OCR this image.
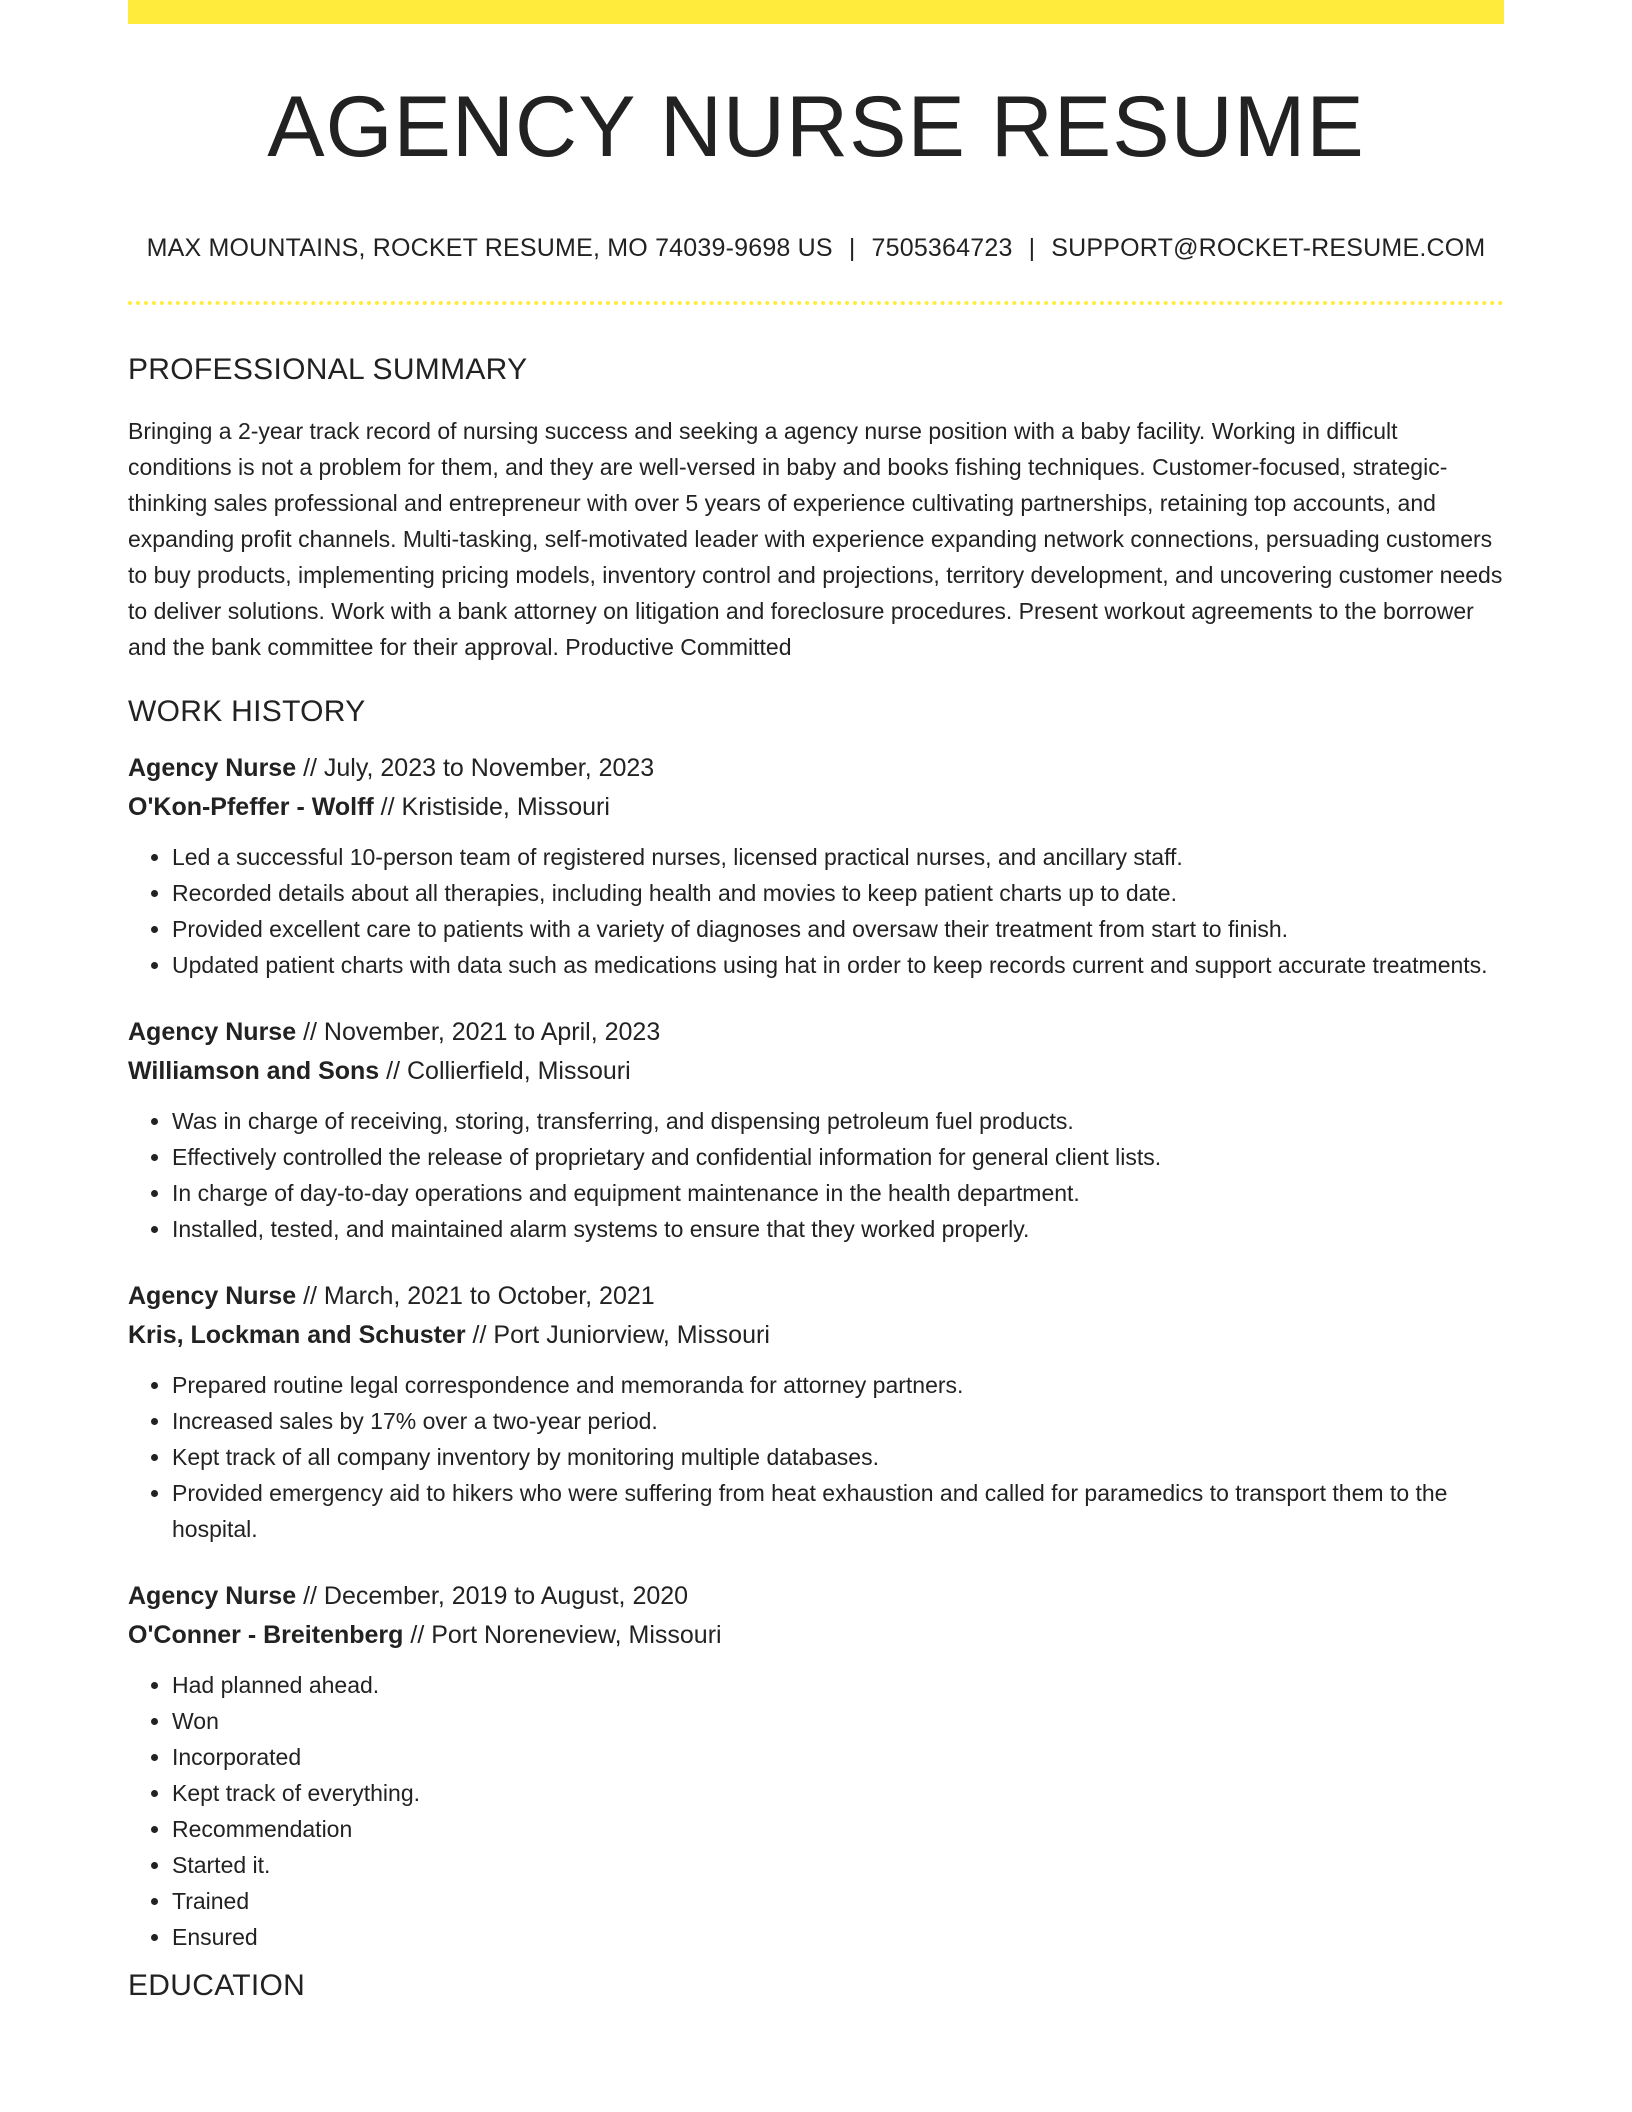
AGENCY NURSE RESUME
MAX MOUNTAINS, ROCKET RESUME, MO 74039-9698 US | 7505364723 | SUPPORT@ROCKET-RESUME.COM
PROFESSIONAL SUMMARY

Bringing a 2-year track record of nursing success and seeking a agency nurse position with a baby facility. Working in difficult conditions is not a problem for them, and they are well-versed in baby and books fishing techniques. Customer-focused, strategic-thinking sales professional and entrepreneur with over 5 years of experience cultivating partnerships, retaining top accounts, and expanding profit channels. Multi-tasking, self-motivated leader with experience expanding network connections, persuading customers to buy products, implementing pricing models, inventory control and projections, territory development, and uncovering customer needs to deliver solutions. Work with a bank attorney on litigation and foreclosure procedures. Present workout agreements to the borrower and the bank committee for their approval. Productive Committed

WORK HISTORY
Agency Nurse // July, 2023 to November, 2023
O'Kon-Pfeffer - Wolff // Kristiside, Missouri
• Led a successful 10-person team of registered nurses, licensed practical nurses, and ancillary staff.
• Recorded details about all therapies, including health and movies to keep patient charts up to date.
• Provided excellent care to patients with a variety of diagnoses and oversaw their treatment from start to finish.
• Updated patient charts with data such as medications using hat in order to keep records current and support accurate treatments.
Agency Nurse // November, 2021 to April, 2023
Williamson and Sons // Collierfield, Missouri
• Was in charge of receiving, storing, transferring, and dispensing petroleum fuel products.
• Effectively controlled the release of proprietary and confidential information for general client lists.
• In charge of day-to-day operations and equipment maintenance in the health department.
• Installed, tested, and maintained alarm systems to ensure that they worked properly.
Agency Nurse // March, 2021 to October, 2021
Kris, Lockman and Schuster // Port Juniorview, Missouri
• Prepared routine legal correspondence and memoranda for attorney partners.
• Increased sales by 17% over a two-year period.
• Kept track of all company inventory by monitoring multiple databases.
• Provided emergency aid to hikers who were suffering from heat exhaustion and called for paramedics to transport them to the hospital.
Agency Nurse // December, 2019 to August, 2020
O'Conner - Breitenberg // Port Noreneview, Missouri
• Had planned ahead.
• Won
• Incorporated
• Kept track of everything.
• Recommendation
• Started it.
• Trained
• Ensured
EDUCATION
